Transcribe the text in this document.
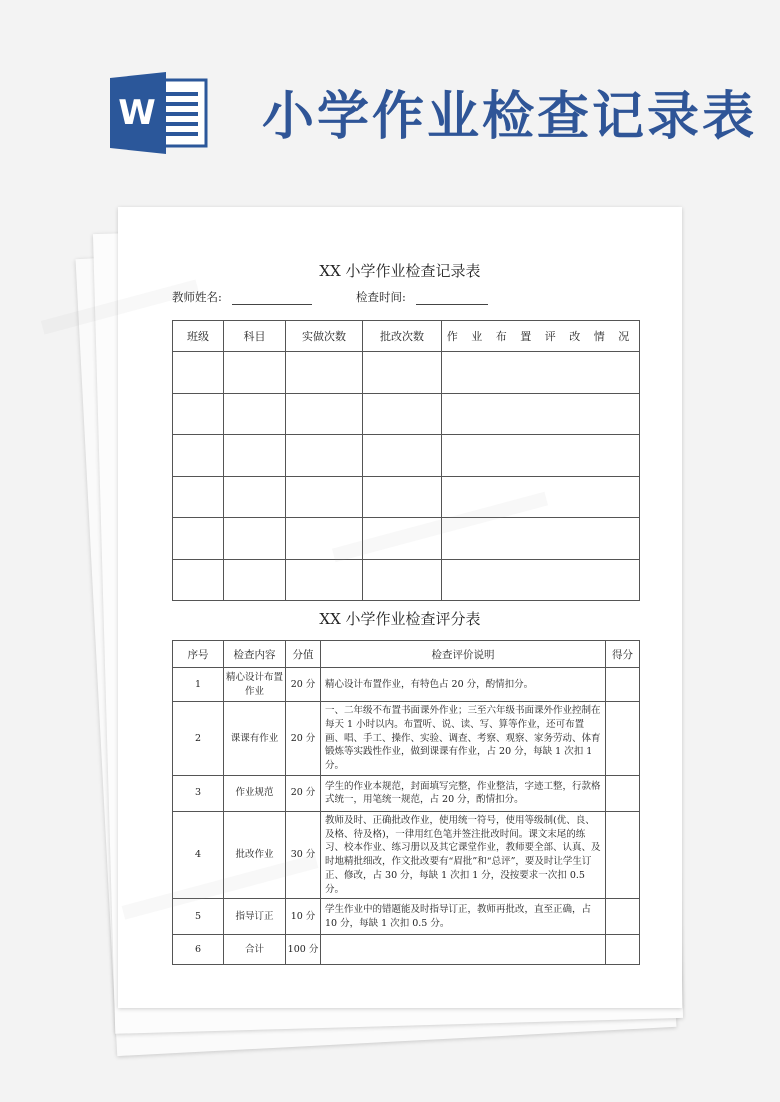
W 小学作业检查记录表
XX 小学作业检查记录表
教师姓名:	检查时间:
班级	科目	实做次数	批改次数	作 业 布 置 评 改 情 况

XX 小学作业检查评分表
序号	检查内容	分值	检查评价说明	得分
1	精心设计布置作业	20 分	精心设计布置作业，有特色占 20 分，酌情扣分。	
2	课课有作业	20 分	一、二年级不布置书面课外作业；三至六年级书面课外作业控制在每天 1 小时以内。布置听、说、读、写、算等作业，还可布置画、唱、手工、操作、实验、调查、考察、观察、家务劳动、体育锻炼等实践性作业，做到课课有作业，占 20 分，每缺 1 次扣 1 分。	
3	作业规范	20 分	学生的作业本规范，封面填写完整，作业整洁，字迹工整，行款格式统一，用笔统一规范，占 20 分，酌情扣分。	
4	批改作业	30 分	教师及时、正确批改作业，使用统一符号，使用等级制(优、良、及格、待及格)，一律用红色笔并签注批改时间。课文末尾的练习、校本作业、练习册以及其它课堂作业，教师要全部、认真、及时地精批细改，作文批改要有“眉批”和“总评”，要及时让学生订正、修改，占 30 分，每缺 1 次扣 1 分，没按要求一次扣 0.5 分。	
5	指导订正	10 分	学生作业中的错题能及时指导订正，教师再批改，直至正确，占 10 分，每缺 1 次扣 0.5 分。	
6	合计	100 分		
